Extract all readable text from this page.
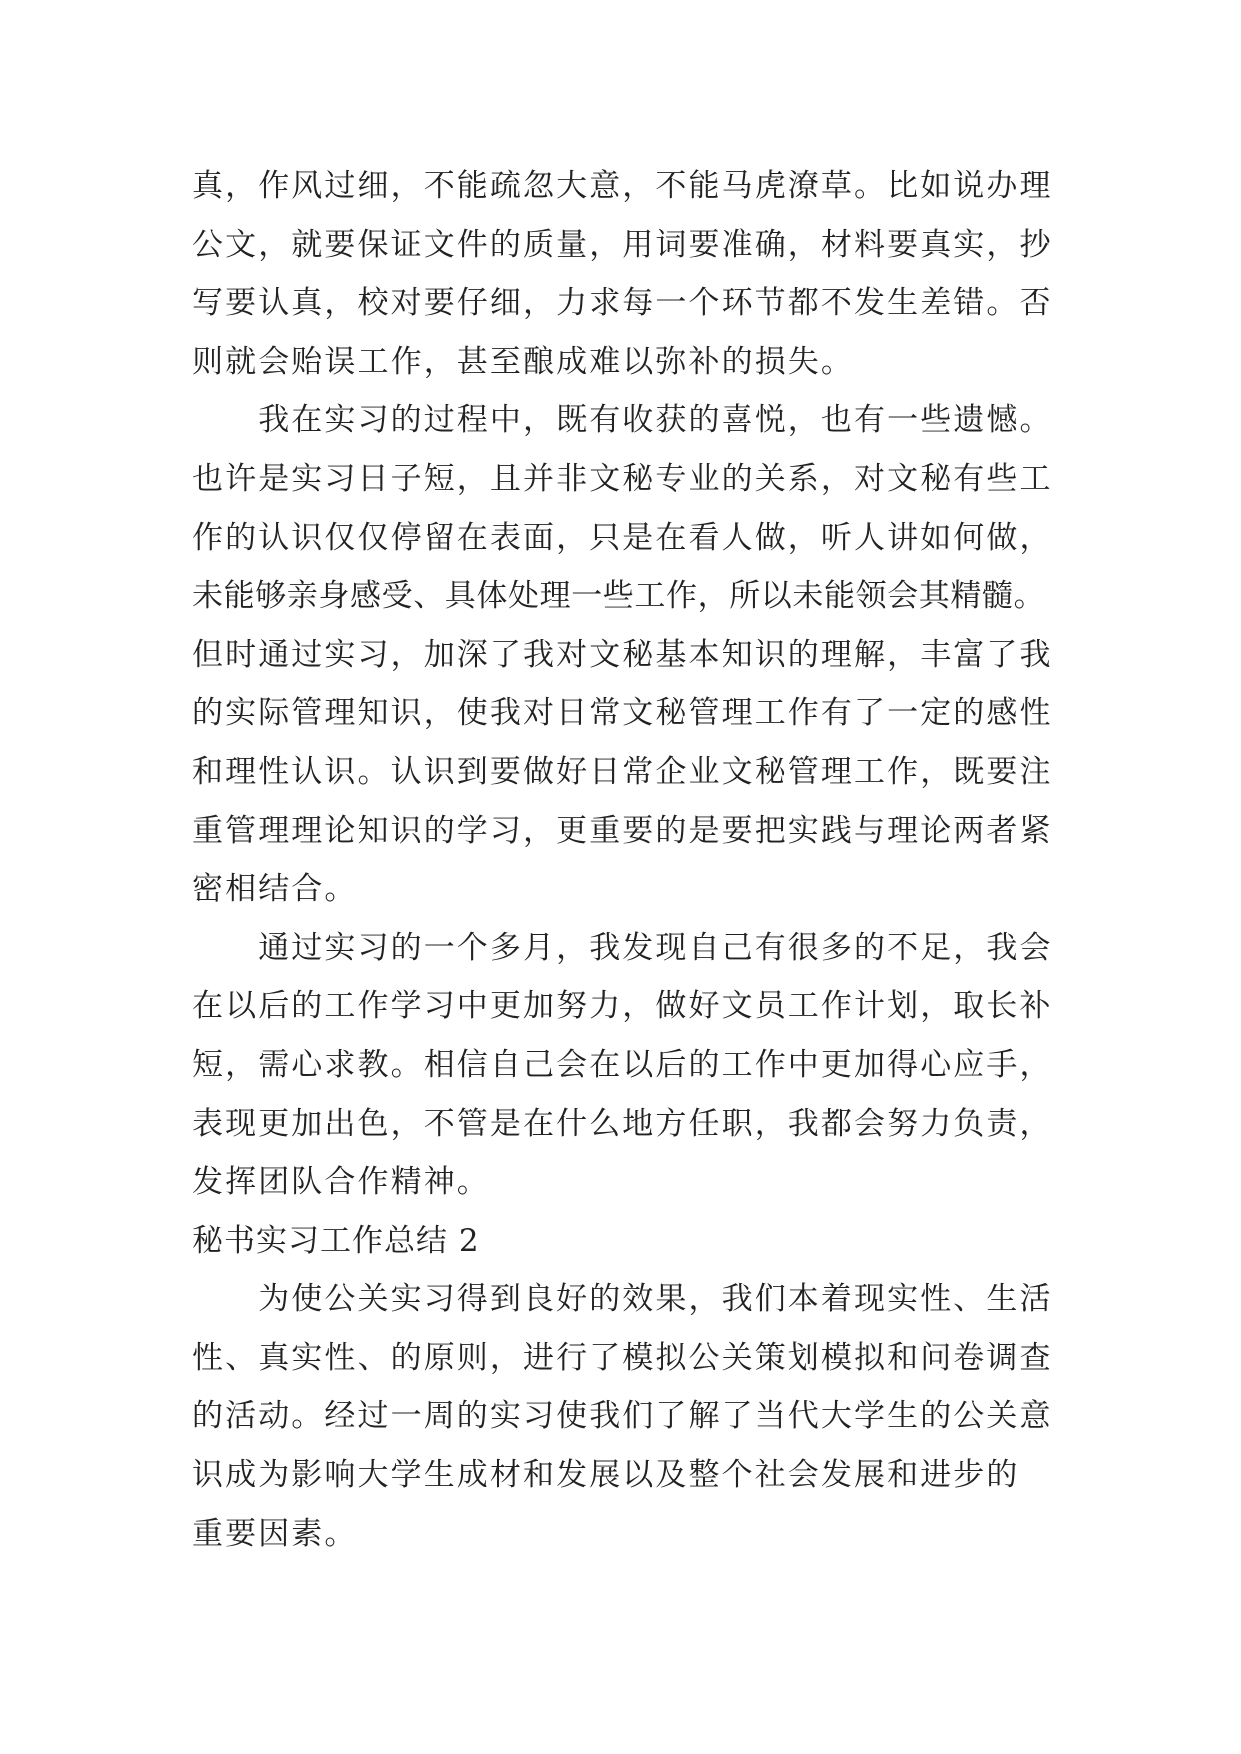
真，作风过细，不能疏忽大意，不能马虎潦草。比如说办理
公文，就要保证文件的质量，用词要准确，材料要真实，抄
写要认真，校对要仔细，力求每一个环节都不发生差错。否
则就会贻误工作，甚至酿成难以弥补的损失。
　　我在实习的过程中，既有收获的喜悦，也有一些遗憾。
也许是实习日子短，且并非文秘专业的关系，对文秘有些工
作的认识仅仅停留在表面，只是在看人做，听人讲如何做，
未能够亲身感受、具体处理一些工作，所以未能领会其精髓。
但时通过实习，加深了我对文秘基本知识的理解，丰富了我
的实际管理知识，使我对日常文秘管理工作有了一定的感性
和理性认识。认识到要做好日常企业文秘管理工作，既要注
重管理理论知识的学习，更重要的是要把实践与理论两者紧
密相结合。
　　通过实习的一个多月，我发现自己有很多的不足，我会
在以后的工作学习中更加努力，做好文员工作计划，取长补
短，需心求教。相信自己会在以后的工作中更加得心应手，
表现更加出色，不管是在什么地方任职，我都会努力负责，
发挥团队合作精神。
秘书实习工作总结 2
　　为使公关实习得到良好的效果，我们本着现实性、生活
性、真实性、的原则，进行了模拟公关策划模拟和问卷调查
的活动。经过一周的实习使我们了解了当代大学生的公关意
识成为影响大学生成材和发展以及整个社会发展和进步的
重要因素。
